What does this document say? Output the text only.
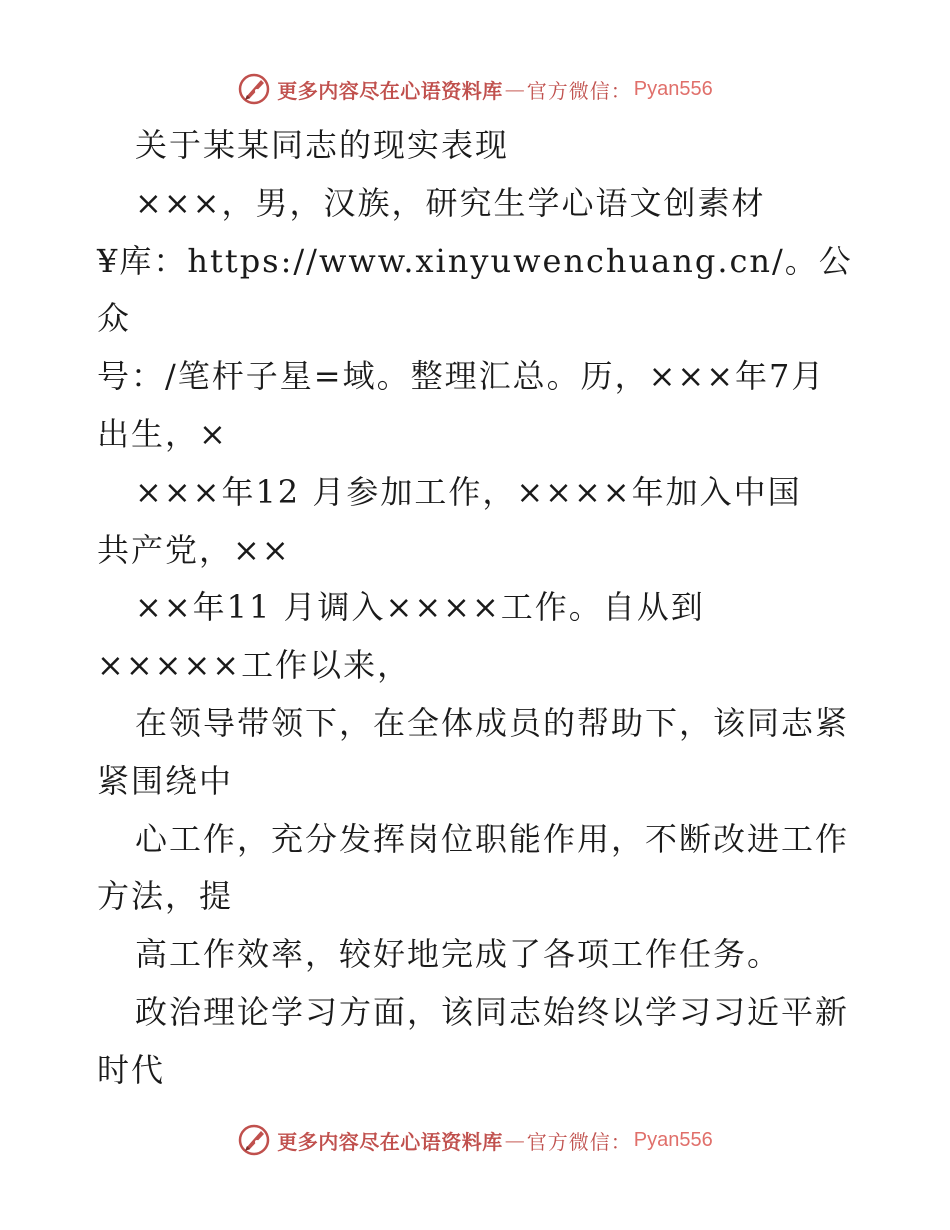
更多内容尽在心语资料库 — 官方微信： Pyan556

关于某某同志的现实表现

×××，男，汉族，研究生学心语文创素材

¥库：https://www.xinyuwenchuang.cn/。公众

号：/笔杆子星=域。整理汇总。历，×××年7月

出生，×

×××年12 月参加工作，××××年加入中国

共产党，××

××年11 月调入××××工作。自从到

×××××工作以来，

在领导带领下，在全体成员的帮助下，该同志紧

紧围绕中

心工作，充分发挥岗位职能作用，不断改进工作

方法，提

高工作效率，较好地完成了各项工作任务。

政治理论学习方面，该同志始终以学习习近平新

时代

更多内容尽在心语资料库 — 官方微信： Pyan556
